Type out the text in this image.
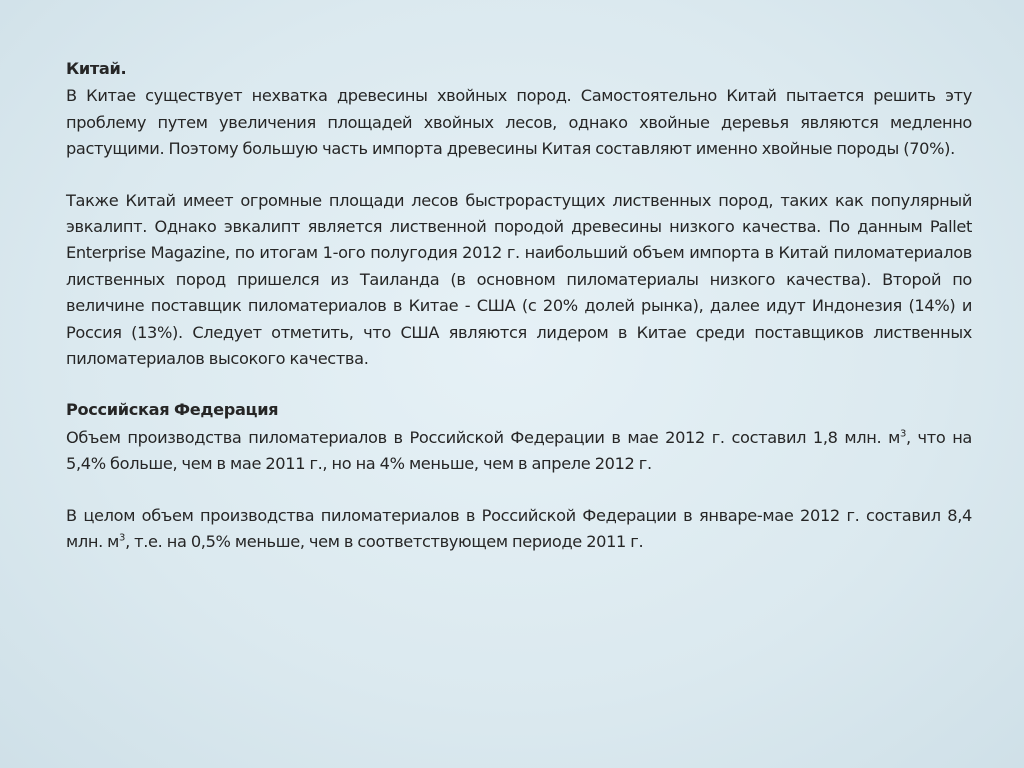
Китай.

В Китае существует нехватка древесины хвойных пород. Самостоятельно Китай пытается решить эту проблему путем увеличения площадей хвойных лесов, однако хвойные деревья являются медленно растущими. Поэтому большую часть импорта древесины Китая составляют именно хвойные породы (70%).

Также Китай имеет огромные площади лесов быстрорастущих лиственных пород, таких как популярный эвкалипт. Однако эвкалипт является лиственной породой древесины низкого качества. По данным Pallet Enterprise Magazine, по итогам 1-ого полугодия 2012 г. наибольший объем импорта в Китай пиломатериалов лиственных пород пришелся из Таиланда (в основном пиломатериалы низкого качества). Второй по величине поставщик пиломатериалов в Китае - США (с 20% долей рынка), далее идут Индонезия (14%) и Россия (13%). Следует отметить, что США являются лидером в Китае среди поставщиков лиственных пиломатериалов высокого качества.

Российская Федерация

Объем производства пиломатериалов в Российской Федерации в мае 2012 г. составил 1,8 млн. $м^3$, что на 5,4% больше, чем в мае 2011 г., но на 4% меньше, чем в апреле 2012 г.

В целом объем производства пиломатериалов в Российской Федерации в январе-мае 2012 г. составил 8,4 млн. $м^3$, т.е. на 0,5% меньше, чем в соответствующем периоде 2011 г.
